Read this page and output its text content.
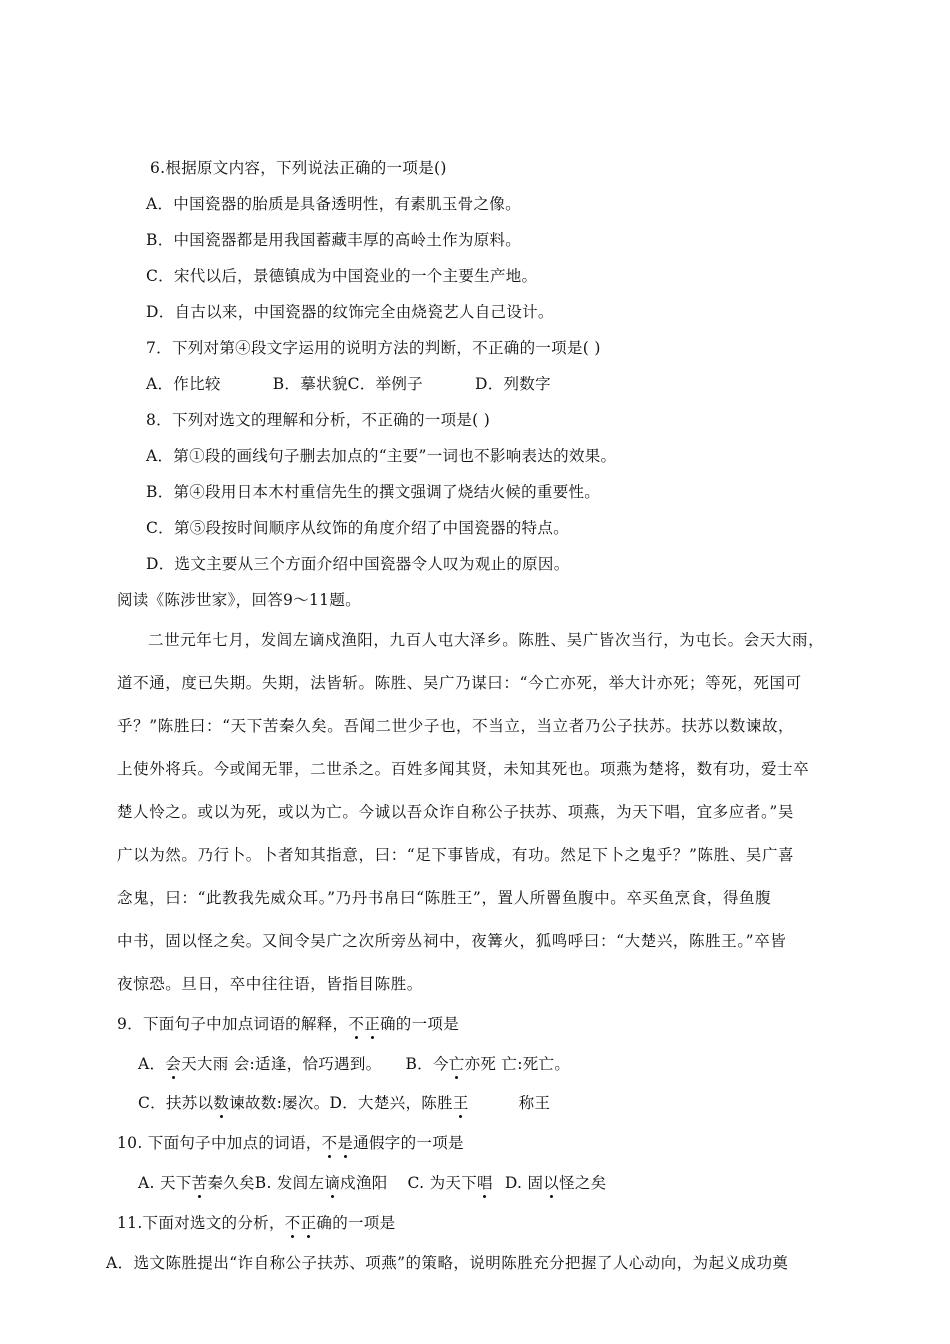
6.根据原文内容，下列说法正确的一项是()
A．中国瓷器的胎质是具备透明性，有素肌玉骨之像。
B．中国瓷器都是用我国蓄藏丰厚的高岭土作为原料。
C．宋代以后，景德镇成为中国瓷业的一个主要生产地。
D．自古以来，中国瓷器的纹饰完全由烧瓷艺人自己设计。
7．下列对第④段文字运用的说明方法的判断，不正确的一项是( )
A．作比较	B．摹状貌C．举例子	D．列数字
8．下列对选文的理解和分析，不正确的一项是( )
A．第①段的画线句子删去加点的“主要”一词也不影响表达的效果。
B．第④段用日本木村重信先生的撰文强调了烧结火候的重要性。
C．第⑤段按时间顺序从纹饰的角度介绍了中国瓷器的特点。
D．选文主要从三个方面介绍中国瓷器令人叹为观止的原因。
阅读《陈涉世家》，回答9～11题。
二世元年七月，发闾左谪戍渔阳，九百人屯大泽乡。陈胜、吴广皆次当行，为屯长。会天大雨，
道不通，度已失期。失期，法皆斩。陈胜、吴广乃谋曰：“今亡亦死，举大计亦死；等死，死国可
乎？”陈胜曰：“天下苦秦久矣。吾闻二世少子也，不当立，当立者乃公子扶苏。扶苏以数谏故，
上使外将兵。今或闻无罪，二世杀之。百姓多闻其贤，未知其死也。项燕为楚将，数有功，爱士卒
楚人怜之。或以为死，或以为亡。今诚以吾众诈自称公子扶苏、项燕，为天下唱，宜多应者。”吴
广以为然。乃行卜。卜者知其指意，曰：“足下事皆成，有功。然足下卜之鬼乎？”陈胜、吴广喜
念鬼，曰：“此教我先威众耳。”乃丹书帛曰“陈胜王”，置人所罾鱼腹中。卒买鱼烹食，得鱼腹
中书，固以怪之矣。又间令吴广之次所旁丛祠中，夜篝火，狐鸣呼曰：“大楚兴，陈胜王。”卒皆
夜惊恐。旦日，卒中往往语，皆指目陈胜。
9．下面句子中加点词语的解释，不正确的一项是
A．会天大雨 会:适逢，恰巧遇到。 B．今亡亦死 亡:死亡。
C．扶苏以数谏故数:屡次。D．大楚兴，陈胜王	称王
10. 下面句子中加点的词语，不是通假字的一项是
A. 天下苦秦久矣B. 发闾左谪戍渔阳 C. 为天下唱 D. 固以怪之矣
11.下面对选文的分析，不正确的一项是
A．选文陈胜提出“诈自称公子扶苏、项燕”的策略，说明陈胜充分把握了人心动向，为起义成功奠
